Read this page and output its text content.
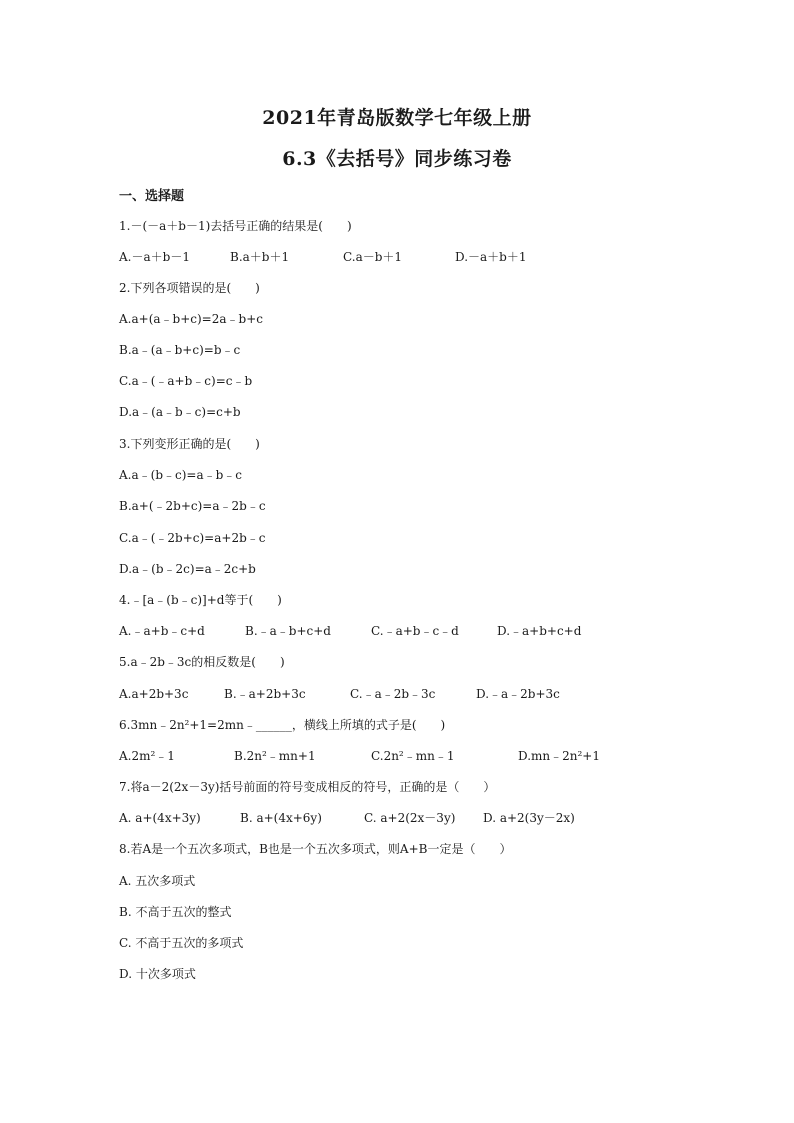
2021年青岛版数学七年级上册
6.3《去括号》同步练习卷
一、选择题
1.－(－a＋b－1)去括号正确的结果是(　　)
A.－a＋b－1	B.a＋b＋1	C.a－b＋1	D.－a＋b＋1
2.下列各项错误的是(　　)
A.a+(a﹣b+c)=2a﹣b+c
B.a﹣(a﹣b+c)=b﹣c
C.a﹣(﹣a+b﹣c)=c﹣b
D.a﹣(a﹣b﹣c)=c+b
3.下列变形正确的是(　　)
A.a﹣(b﹣c)=a﹣b﹣c
B.a+(﹣2b+c)=a﹣2b﹣c
C.a﹣(﹣2b+c)=a+2b﹣c
D.a﹣(b﹣2c)=a﹣2c+b
4.﹣[a﹣(b﹣c)]+d等于(　　)
A.﹣a+b﹣c+d	B.﹣a﹣b+c+d	C.﹣a+b﹣c﹣d	D.﹣a+b+c+d
5.a﹣2b﹣3c的相反数是(　　)
A.a+2b+3c	B.﹣a+2b+3c	C.﹣a﹣2b﹣3c	D.﹣a﹣2b+3c
6.3mn﹣2n²+1=2mn﹣______，横线上所填的式子是(　　)
A.2m²﹣1	B.2n²﹣mn+1	C.2n²﹣mn﹣1	D.mn﹣2n²+1
7.将a－2(2x－3y)括号前面的符号变成相反的符号，正确的是（　　）
A. a+(4x+3y)	B. a+(4x+6y)	C. a+2(2x－3y) D. a+2(3y－2x)
8.若A是一个五次多项式，B也是一个五次多项式，则A+B一定是（　　）
A. 五次多项式
B. 不高于五次的整式
C. 不高于五次的多项式
D. 十次多项式
